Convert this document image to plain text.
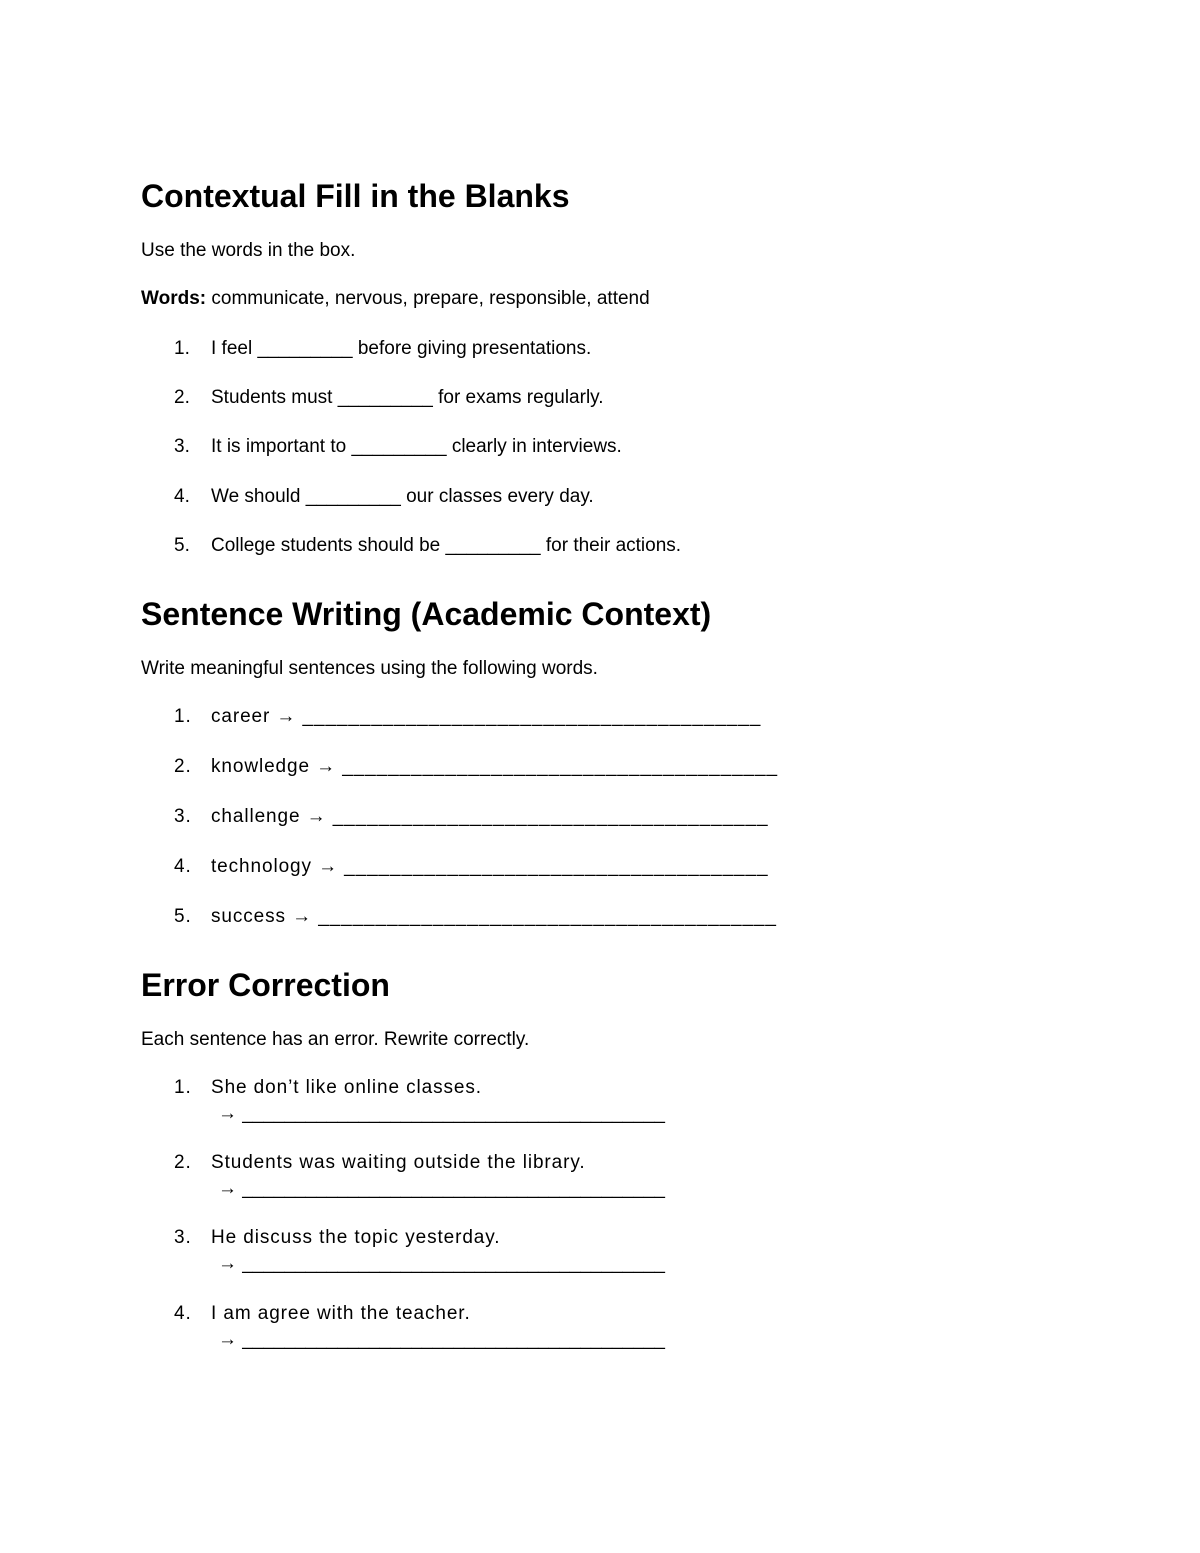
Contextual Fill in the Blanks

Use the words in the box.

Words: communicate, nervous, prepare, responsible, attend

1. I feel _________ before giving presentations.

2. Students must _________ for exams regularly.

3. It is important to _________ clearly in interviews.

4. We should _________ our classes every day.

5. College students should be _________ for their actions.

Sentence Writing (Academic Context)

Write meaningful sentences using the following words.

1. career → ________________________________________

2. knowledge → ______________________________________

3. challenge → ______________________________________

4. technology → _____________________________________

5. success → ________________________________________

Error Correction

Each sentence has an error. Rewrite correctly.

1. She don’t like online classes.

→ ________________________________________

2. Students was waiting outside the library.

→ ________________________________________

3. He discuss the topic yesterday.

→ ________________________________________

4. I am agree with the teacher.

→ ________________________________________
